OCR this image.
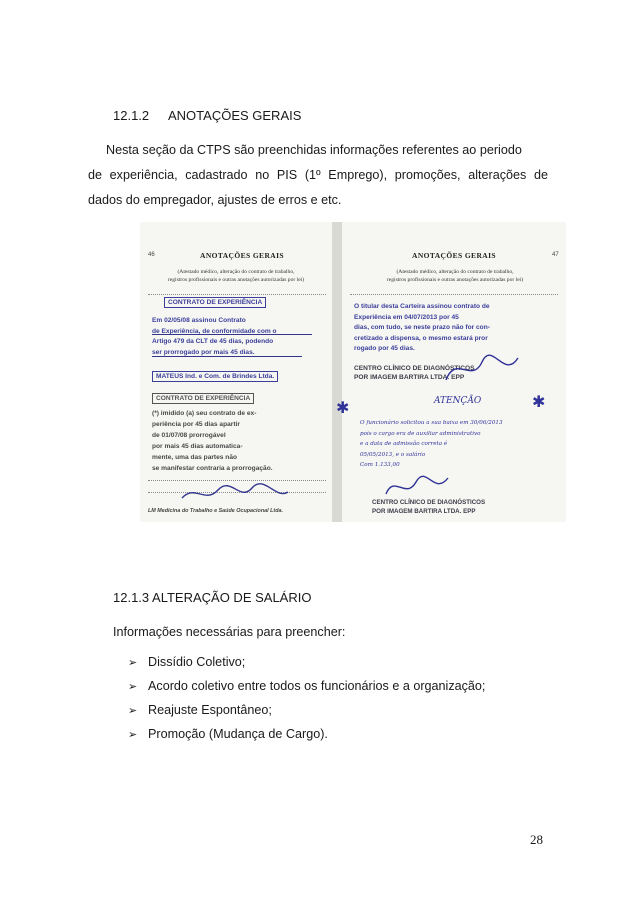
12.1.2 ANOTAÇÕES GERAIS
Nesta seção da CTPS são preenchidas informações referentes ao periodo
de experiência, cadastrado no PIS (1º Emprego), promoções, alterações de
dados do empregador, ajustes de erros e etc.
46	ANOTAÇÕES GERAIS
(Atestado médico, alteração do contrato de trabalho,
registros profissionais e outras anotações autorizadas por lei)
CONTRATO DE EXPERIÊNCIA
Em 02/05/08 assinou Contrato
de Experiência, de conformidade com o
Artigo 479 da CLT de 45 dias, podendo
ser prorrogado por mais 45 dias.
MATEUS Ind. e Com. de Brindes Ltda.
CONTRATO DE EXPERIÊNCIA
(*) imidido (a) seu contrato de ex-
periência por 45 dias apartir
de 01/07/08 prorrogável
por mais 45 dias automatica-
mente, uma das partes não
se manifestar contraria a prorrogação.
LM Medicina do Trabalho e Saúde Ocupacional Ltda.
47
ANOTAÇÕES GERAIS
(Atestado médico, alteração do contrato de trabalho,
registros profissionais e outras anotações autorizadas por lei)
O titular desta Carteira assinou contrato de
Experiência em 04/07/2013 por 45
dias, com tudo, se neste prazo não for con-
cretizado a dispensa, o mesmo estará pror
rogado por 45 dias.
CENTRO CLÍNICO DE DIAGNÓSTICOS
POR IMAGEM BARTIRA LTDA. EPP
ATENÇÃO
✱	✱
O funcionário solicitou a sua baixa em 30/06/2013
pois o cargo era de auxiliar administrativo
e a data de admissão correta é
05/05/2013, e o salário
Com 1.133,00
CENTRO CLÍNICO DE DIAGNÓSTICOS
POR IMAGEM BARTIRA LTDA. EPP
12.1.3 ALTERAÇÃO DE SALÁRIO
Informações necessárias para preencher:
➢ Dissídio Coletivo;
➢ Acordo coletivo entre todos os funcionários e a organização;
➢ Reajuste Espontâneo;
➢ Promoção (Mudança de Cargo).
28
